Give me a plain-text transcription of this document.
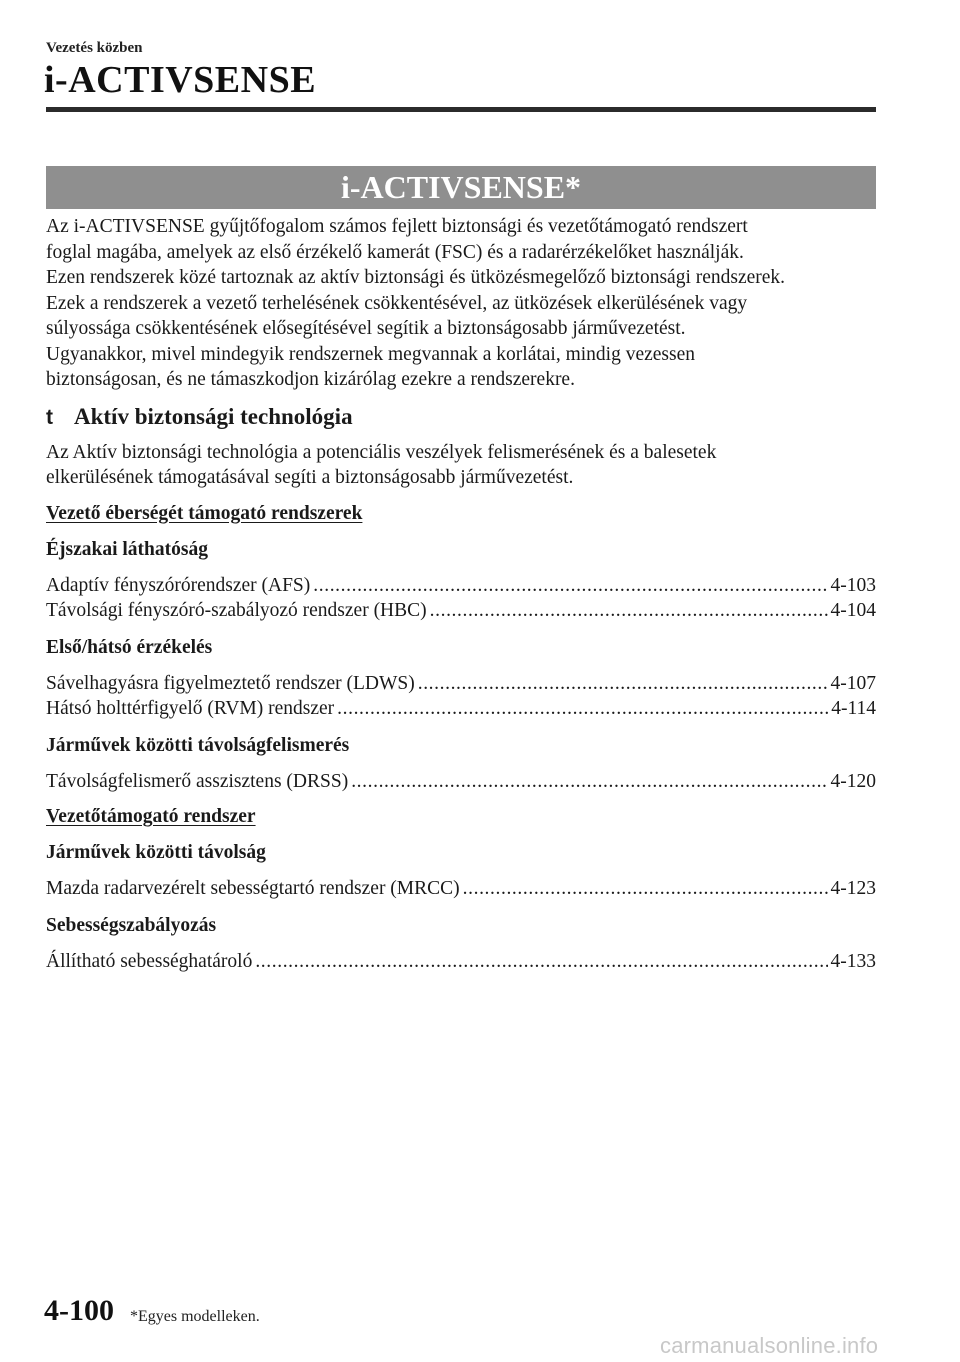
Vezetés közben
i-ACTIVSENSE
i-ACTIVSENSE*

Az i-ACTIVSENSE gyűjtőfogalom számos fejlett biztonsági és vezetőtámogató rendszert

foglal magába, amelyek az első érzékelő kamerát (FSC) és a radarérzékelőket használják.

Ezen rendszerek közé tartoznak az aktív biztonsági és ütközésmegelőző biztonsági rendszerek.

Ezek a rendszerek a vezető terhelésének csökkentésével, az ütközések elkerülésének vagy

súlyossága csökkentésének elősegítésével segítik a biztonságosabb járművezetést.

Ugyanakkor, mivel mindegyik rendszernek megvannak a korlátai, mindig vezessen

biztonságosan, és ne támaszkodjon kizárólag ezekre a rendszerekre.

t Aktív biztonsági technológia

Az Aktív biztonsági technológia a potenciális veszélyek felismerésének és a balesetek

elkerülésének támogatásával segíti a biztonságosabb járművezetést.

Vezető éberségét támogató rendszerek
Éjszakai láthatóság
Adaptív fényszórórendszer (AFS) .....	4-103
Távolsági fényszóró-szabályozó rendszer (HBC) .....	4-104
Első/hátsó érzékelés
Sávelhagyásra figyelmeztető rendszer (LDWS) .....	4-107
Hátsó holttérfigyelő (RVM) rendszer .....	4-114
Járművek közötti távolságfelismerés
Távolságfelismerő asszisztens (DRSS) .....	4-120
Vezetőtámogató rendszer
Járművek közötti távolság
Mazda radarvezérelt sebességtartó rendszer (MRCC) .....	4-123
Sebességszabályozás
Állítható sebességhatároló .....	4-133
4-100 *Egyes modelleken.
carmanualsonline.info
